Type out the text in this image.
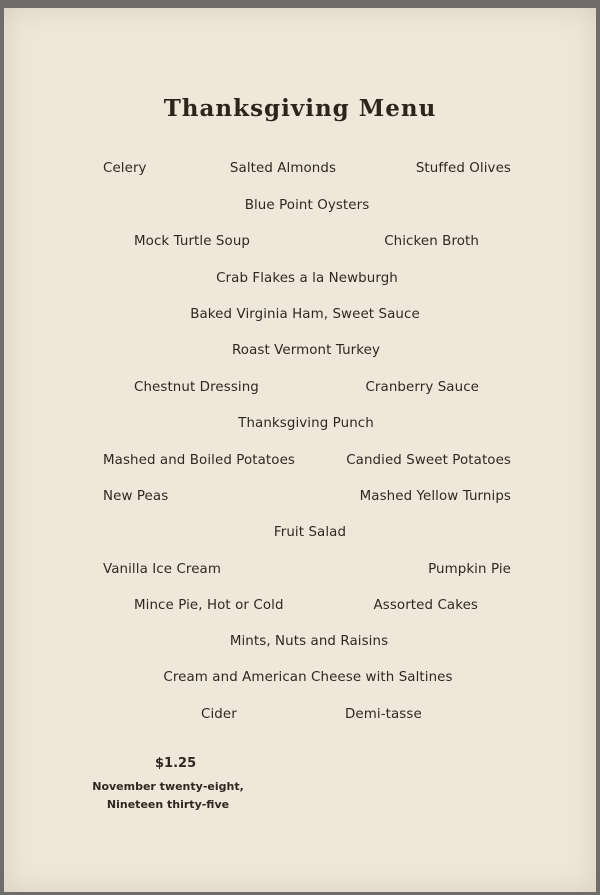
Thanksgiving Menu
Celery	Salted Almonds	Stuffed Olives
Blue Point Oysters
Mock Turtle Soup	Chicken Broth
Crab Flakes a la Newburgh
Baked Virginia Ham, Sweet Sauce
Roast Vermont Turkey
Chestnut Dressing	Cranberry Sauce
Thanksgiving Punch
Mashed and Boiled Potatoes	Candied Sweet Potatoes
New Peas	Mashed Yellow Turnips
Fruit Salad
Vanilla Ice Cream	Pumpkin Pie
Mince Pie, Hot or Cold	Assorted Cakes
Mints, Nuts and Raisins
Cream and American Cheese with Saltines
Cider	Demi-tasse
$1.25
November twenty-eight,
Nineteen thirty-five
